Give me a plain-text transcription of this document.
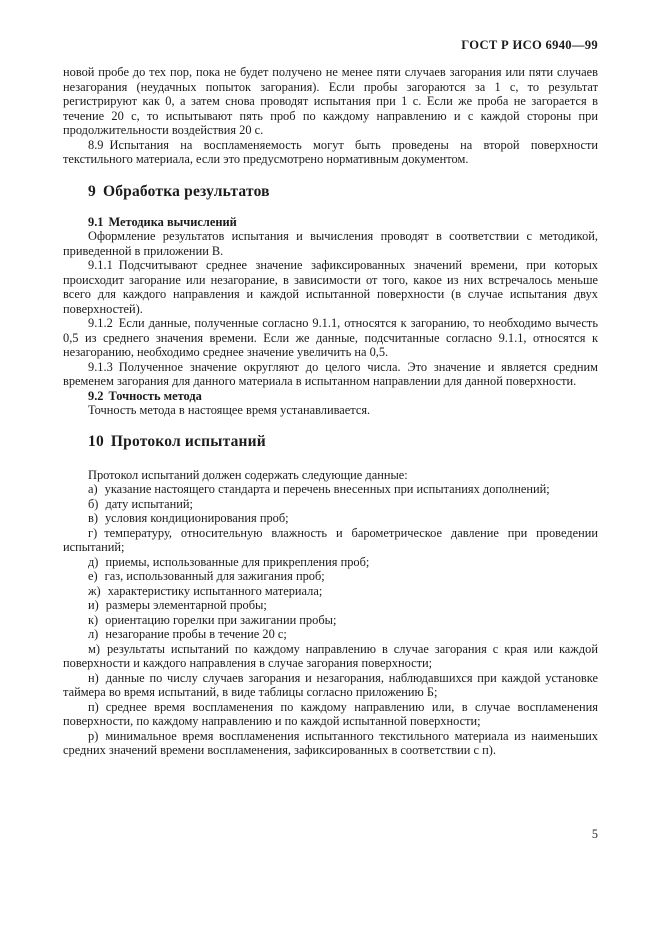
ГОСТ Р ИСО 6940—99

новой пробе до тех пор, пока не будет получено не менее пяти случаев загорания или пяти случаев незагорания (неудачных попыток загорания). Если пробы загораются за 1 с, то результат регистрируют как 0, а затем снова проводят испытания при 1 с. Если же проба не загорается в течение 20 с, то испытывают пять проб по каждому направлению и с каждой стороны при продолжительности воздействия 20 с.

8.9 Испытания на воспламеняемость могут быть проведены на второй поверхности текстильного материала, если это предусмотрено нормативным документом.

9 Обработка результатов

9.1 Методика вычислений

Оформление результатов испытания и вычисления проводят в соответствии с методикой, приведенной в приложении В.

9.1.1 Подсчитывают среднее значение зафиксированных значений времени, при которых происходит загорание или незагорание, в зависимости от того, какое из них встречалось меньше всего для каждого направления и каждой испытанной поверхности (в случае испытания двух поверхностей).

9.1.2 Если данные, полученные согласно 9.1.1, относятся к загоранию, то необходимо вычесть 0,5 из среднего значения времени. Если же данные, подсчитанные согласно 9.1.1, относятся к незагоранию, необходимо среднее значение увеличить на 0,5.

9.1.3 Полученное значение округляют до целого числа. Это значение и является средним временем загорания для данного материала в испытанном направлении для данной поверхности.

9.2 Точность метода

Точность метода в настоящее время устанавливается.

10 Протокол испытаний

Протокол испытаний должен содержать следующие данные:

а) указание настоящего стандарта и перечень внесенных при испытаниях дополнений;

б) дату испытаний;

в) условия кондиционирования проб;

г) температуру, относительную влажность и барометрическое давление при проведении испытаний;

д) приемы, использованные для прикрепления проб;

е) газ, использованный для зажигания проб;

ж) характеристику испытанного материала;

и) размеры элементарной пробы;

к) ориентацию горелки при зажигании пробы;

л) незагорание пробы в течение 20 с;

м) результаты испытаний по каждому направлению в случае загорания с края или каждой поверхности и каждого направления в случае загорания поверхности;

н) данные по числу случаев загорания и незагорания, наблюдавшихся при каждой установке таймера во время испытаний, в виде таблицы согласно приложению Б;

п) среднее время воспламенения по каждому направлению или, в случае воспламенения поверхности, по каждому направлению и по каждой испытанной поверхности;

р) минимальное время воспламенения испытанного текстильного материала из наименьших средних значений времени воспламенения, зафиксированных в соответствии с п).

5
